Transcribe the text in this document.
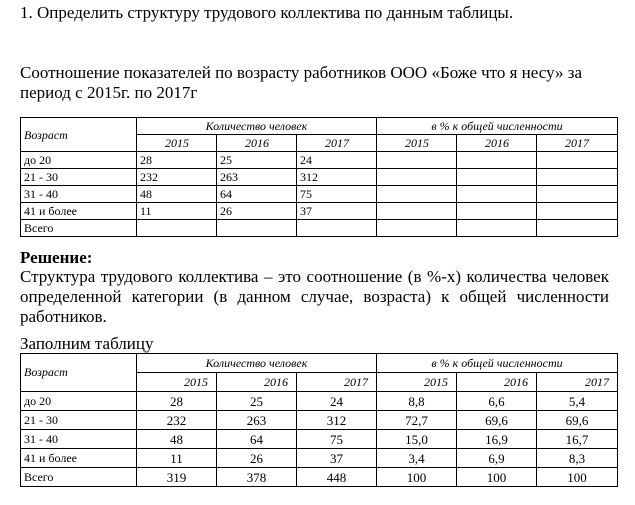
1. Определить структуру трудового коллектива по данным таблицы.
Соотношение показателей по возрасту работников ООО «Боже что я несу» за период с 2015г. по 2017г
Возраст	Количество человек			в % к общей численности		
	2015	2016	2017	2015	2016	2017
до 20	28	25	24			
21 - 30	232	263	312			
31 - 40	48	64	75			
41 и более	11	26	37			
Всего						
Решение:
Структура трудового коллектива – это соотношение (в %-х) количества человек определенной категории (в данном случае, возраста) к общей численности работников.
Заполним таблицу
Возраст	Количество человек			в % к общей численности		
	2015	2016	2017	2015	2016	2017
до 20	28	25	24	8,8	6,6	5,4
21 - 30	232	263	312	72,7	69,6	69,6
31 - 40	48	64	75	15,0	16,9	16,7
41 и более	11	26	37	3,4	6,9	8,3
Всего	319	378	448	100	100	100
